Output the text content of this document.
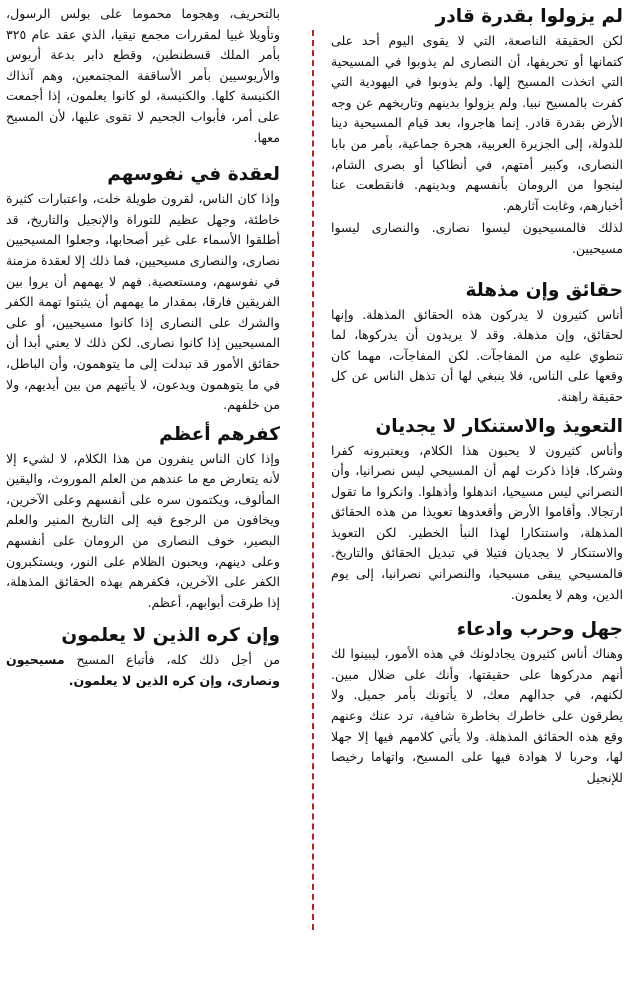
لم يزولوا بقدرة قادر

لكن الحقيقة الناصعة، التي لا يقوى اليوم أحد على كتمانها أو تحريفها، أن النصارى لم يذوبوا في المسيحية التي اتخذت المسيح إلها. ولم يذوبوا في اليهودية التي كفرت بالمسيح نبيا. ولم يزولوا بدينهم وتاريخهم عن وجه الأرض بقدرة قادر. إنما هاجروا، بعد قيام المسيحية دينا للدولة، إلى الجزيرة العربية، هجرة جماعية، بأمر من بابا النصارى، وكبير أمتهم، في أنطاكيا أو بصرى الشام، لينجوا من الرومان بأنفسهم وبدينهم. فانقطعت عنا أخبارهم، وغابت آثارهم.

لذلك فالمسيحيون ليسوا نصارى. والنصارى ليسوا مسيحيين.

حقائق وإن مذهلة

أناس كثيرون لا يدركون هذه الحقائق المذهلة. وإنها لحقائق، وإن مذهلة. وقد لا يريدون أن يدركوها، لما تنطوي عليه من المفاجآت. لكن المفاجآت، مهما كان وقعها على الناس، فلا ينبغي لها أن تذهل الناس عن كل حقيقة راهنة.

التعويذ والاستنكار لا يجديان

وأناس كثيرون لا يحبون هذا الكلام، ويعتبرونه كفرا وشركا. فإذا ذكرت لهم أن المسيحي ليس نصرانيا، وأن النصراني ليس مسيحيا، اندهلوا وأذهلوا. وانكروا ما تقول ارتجالا. وأقاموا الأرض وأقعدوها تعويذا من هذه الحقائق المذهلة، واستنكارا لهذا النبأ الخطير. لكن التعويذ والاستنكار لا يجديان فتيلا في تبديل الحقائق والتاريخ. فالمسيحي يبقى مسيحيا، والنصراني نصرانيا، إلى يوم الدين، وهم لا يعلمون.

جهل وحرب وادعاء

وهناك أناس كثيرون يجادلونك في هذه الأمور، ليبينوا لك أنهم مدركوها على حقيقتها، وأنك على ضلال مبين. لكنهم، في جدالهم معك، لا يأتونك بأمر جميل. ولا يطرقون على خاطرك بخاطرة شافية، ترد عنك وعنهم وقع هذه الحقائق المذهلة. ولا يأتي كلامهم فيها إلا جهلا لها، وحربا لا هوادة فيها على المسيح، واتهاما رخيصا للإنجيل

بالتحريف، وهجوما محموما على بولس الرسول، وتأويلا غبيا لمقررات مجمع نيقيا، الذي عقد عام ٣٢٥ بأمر الملك قسطنطين، وقطع دابر بدعة أريوس والأريوسيين بأمر الأساقفة المجتمعين، وهم آنذاك الكنيسة كلها. والكنيسة، لو كانوا يعلمون، إذا أجمعت على أمر، فأبواب الجحيم لا تقوى عليها، لأن المسيح معها.

لعقدة في نفوسهم

وإذا كان الناس، لقرون طويلة خلت، واعتبارات كثيرة خاطئة، وجهل عظيم للتوراة والإنجيل والتاريخ، قد أطلقوا الأسماء على غير أصحابها، وجعلوا المسيحيين نصارى، والنصارى مسيحيين، فما ذلك إلا لعقدة مزمنة في نفوسهم، ومستعصية. فهم لا يهمهم أن يروا بين الفريقين فارقا، بمقدار ما يهمهم أن يثبتوا تهمة الكفر والشرك على النصارى إذا كانوا مسيحيين، أو على المسيحيين إذا كانوا نصارى. لكن ذلك لا يعني أبدا أن حقائق الأمور قد تبدلت إلى ما يتوهمون، وأن الباطل، في ما يتوهمون ويدعون، لا يأتيهم من بين أيديهم، ولا من خلفهم.

كفرهم أعظم

وإذا كان الناس ينفرون من هذا الكلام، لا لشيء إلا لأنه يتعارض مع ما عندهم من العلم الموروث، واليقين المألوف، ويكتمون سره على أنفسهم وعلى الآخرين، ويخافون من الرجوع فيه إلى التاريخ المنير والعلم البصير، خوف النصارى من الرومان على أنفسهم وعلى دينهم، ويحبون الظلام على النور، ويستكبرون الكفر على الآخرين، فكفرهم بهذه الحقائق المذهلة، إذا طرقت أبوابهم، أعظم.

وإن كره الذين لا يعلمون

من أجل ذلك كله، فأتباع المسيح مسيحيون ونصارى، وإن كره الذين لا يعلمون.
